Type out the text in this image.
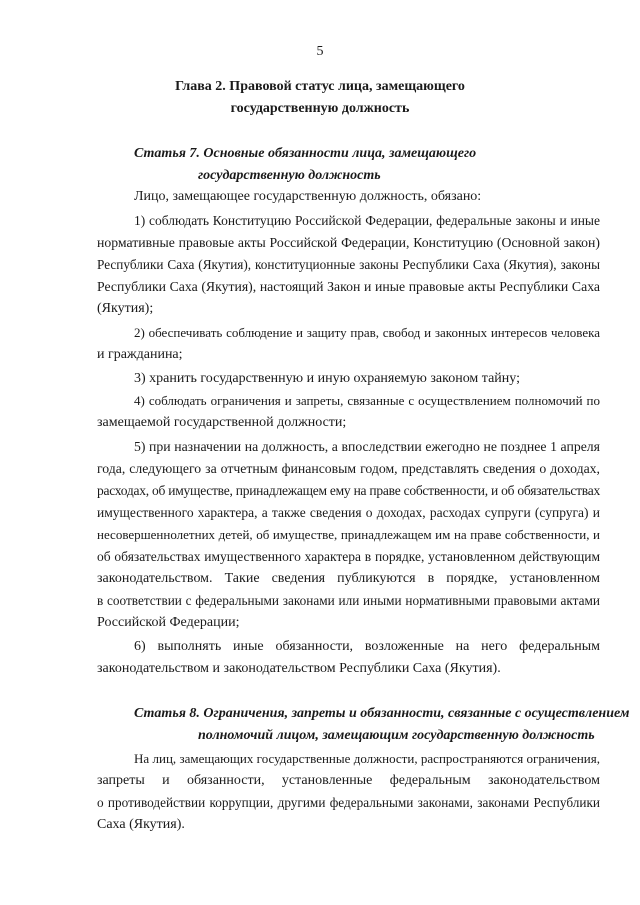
5
Глава 2. Правовой статус лица, замещающего
государственную должность
Статья 7. Основные обязанности лица, замещающего
государственную должность
Лицо, замещающее государственную должность, обязано:
1) соблюдать Конституцию Российской Федерации, федеральные законы и иные
нормативные правовые акты Российской Федерации, Конституцию (Основной закон)
Республики Саха (Якутия), конституционные законы Республики Саха (Якутия), законы
Республики Саха (Якутия), настоящий Закон и иные правовые акты Республики Саха
(Якутия);
2) обеспечивать соблюдение и защиту прав, свобод и законных интересов человека
и гражданина;
3) хранить государственную и иную охраняемую законом тайну;
4) соблюдать ограничения и запреты, связанные с осуществлением полномочий по
замещаемой государственной должности;
5) при назначении на должность, а впоследствии ежегодно не позднее 1 апреля
года, следующего за отчетным финансовым годом, представлять сведения о доходах,
расходах, об имуществе, принадлежащем ему на праве собственности, и об обязательствах
имущественного характера, а также сведения о доходах, расходах супруги (супруга) и
несовершеннолетних детей, об имуществе, принадлежащем им на праве собственности, и
об обязательствах имущественного характера в порядке, установленном действующим
законодательством. Такие сведения публикуются в порядке, установленном
в соответствии с федеральными законами или иными нормативными правовыми актами
Российской Федерации;
6) выполнять иные обязанности, возложенные на него федеральным
законодательством и законодательством Республики Саха (Якутия).
Статья 8. Ограничения, запреты и обязанности, связанные с осуществлением
полномочий лицом, замещающим государственную должность
На лиц, замещающих государственные должности, распространяются ограничения,
запреты и обязанности, установленные федеральным законодательством
о противодействии коррупции, другими федеральными законами, законами Республики
Саха (Якутия).
